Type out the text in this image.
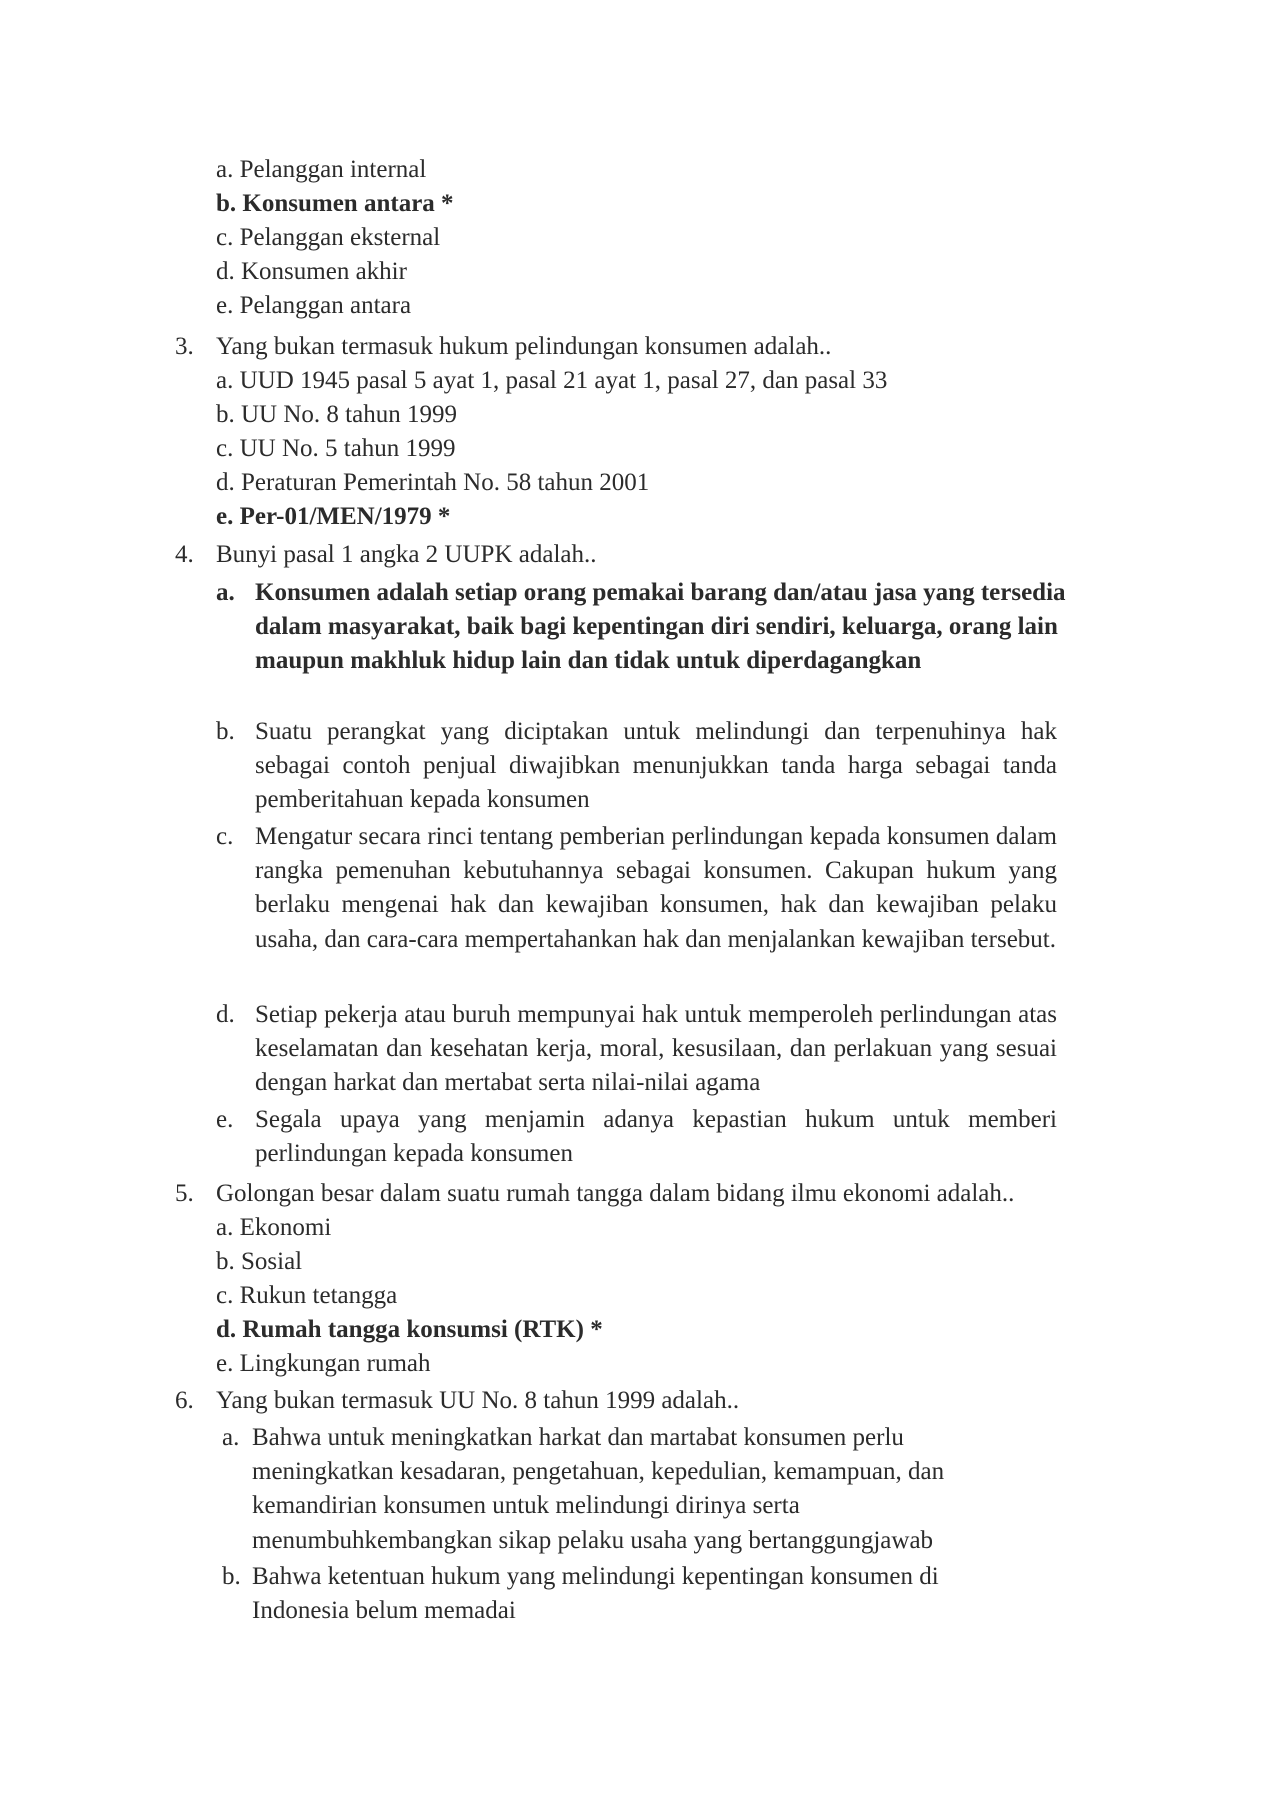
a. Pelanggan internal
b. Konsumen antara *
c. Pelanggan eksternal
d. Konsumen akhir
e. Pelanggan antara
3. Yang bukan termasuk hukum pelindungan konsumen adalah..
a. UUD 1945 pasal 5 ayat 1, pasal 21 ayat 1, pasal 27, dan pasal 33
b. UU No. 8 tahun 1999
c. UU No. 5 tahun 1999
d. Peraturan Pemerintah No. 58 tahun 2001
e. Per-01/MEN/1979 *
4. Bunyi pasal 1 angka 2 UUPK adalah..
a. Konsumen adalah setiap orang pemakai barang dan/atau jasa yang tersedia dalam masyarakat, baik bagi kepentingan diri sendiri, keluarga, orang lain maupun makhluk hidup lain dan tidak untuk diperdagangkan
b. Suatu perangkat yang diciptakan untuk melindungi dan terpenuhinya hak sebagai contoh penjual diwajibkan menunjukkan tanda harga sebagai tanda pemberitahuan kepada konsumen
c. Mengatur secara rinci tentang pemberian perlindungan kepada konsumen dalam rangka pemenuhan kebutuhannya sebagai konsumen. Cakupan hukum yang berlaku mengenai hak dan kewajiban konsumen, hak dan kewajiban pelaku usaha, dan cara-cara mempertahankan hak dan menjalankan kewajiban tersebut.
d. Setiap pekerja atau buruh mempunyai hak untuk memperoleh perlindungan atas keselamatan dan kesehatan kerja, moral, kesusilaan, dan perlakuan yang sesuai dengan harkat dan mertabat serta nilai-nilai agama
e. Segala upaya yang menjamin adanya kepastian hukum untuk memberi perlindungan kepada konsumen
5. Golongan besar dalam suatu rumah tangga dalam bidang ilmu ekonomi adalah..
a. Ekonomi
b. Sosial
c. Rukun tetangga
d. Rumah tangga konsumsi (RTK) *
e. Lingkungan rumah
6. Yang bukan termasuk UU No. 8 tahun 1999 adalah..
a. Bahwa untuk meningkatkan harkat dan martabat konsumen perlu meningkatkan kesadaran, pengetahuan, kepedulian, kemampuan, dan kemandirian konsumen untuk melindungi dirinya serta menumbuhkembangkan sikap pelaku usaha yang bertanggungjawab
b. Bahwa ketentuan hukum yang melindungi kepentingan konsumen di Indonesia belum memadai
